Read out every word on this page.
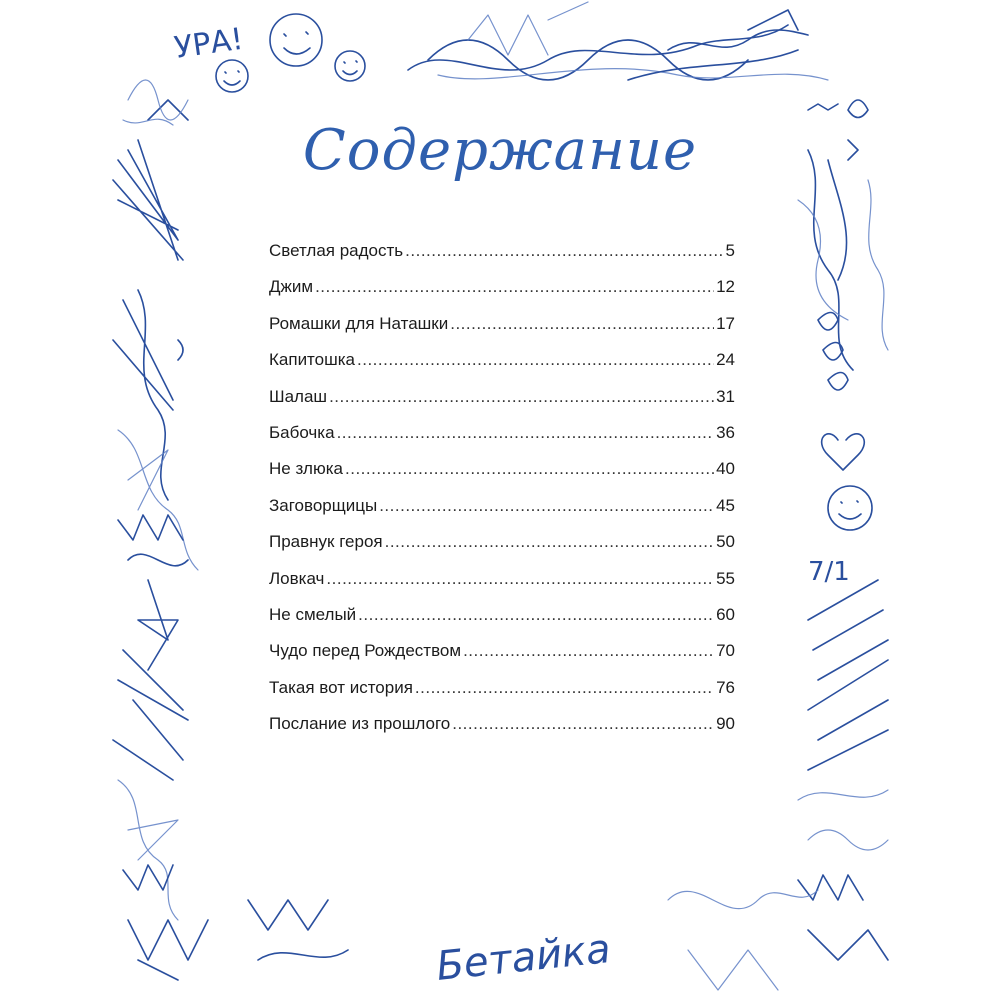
УРА!
7/1
Бетайка
Содержание
Светлая радость .....	5
Джим .....	12
Ромашки для Наташки .....	17
Капитошка .....	24
Шалаш .....	31
Бабочка .....	36
Не злюка .....	40
Заговорщицы .....	45
Правнук героя .....	50
Ловкач .....	55
Не смелый .....	60
Чудо перед Рождеством .....	70
Такая вот история .....	76
Послание из прошлого .....	90
